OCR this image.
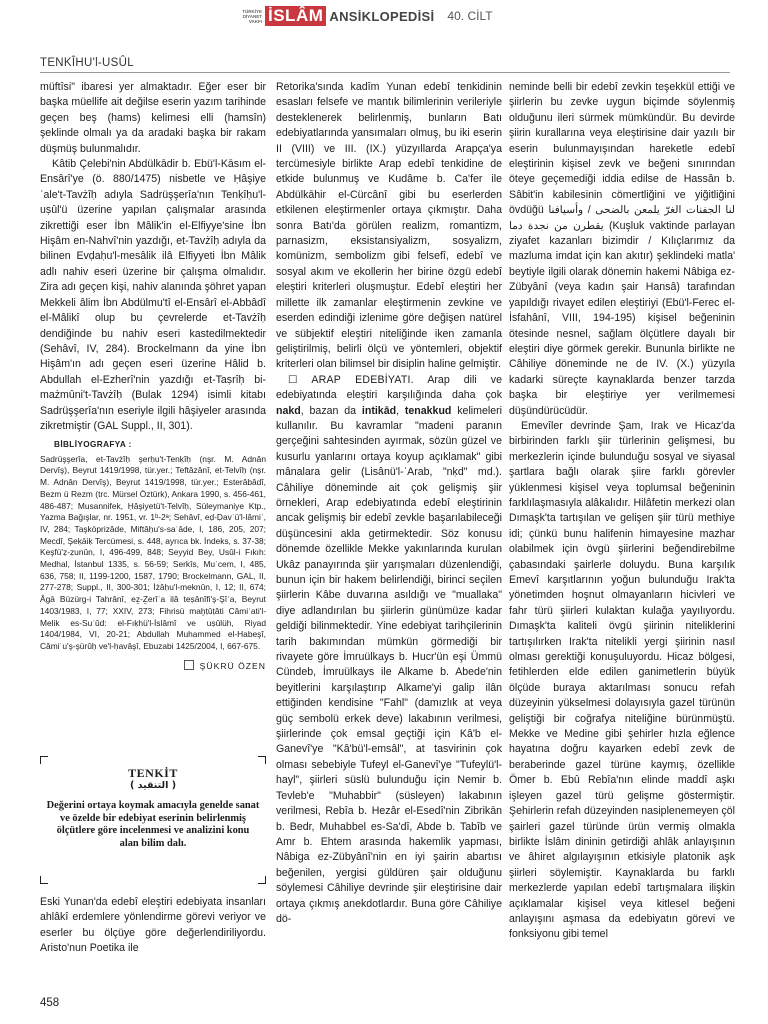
TÜRKİYE
DİYANET
VAKFI İSLÂM ANSİKLOPEDİSİ 40. CİLT
TENKÎHU'l-USÛL

müftîsi" ibaresi yer almaktadır. Eğer eser bir başka müellife ait değilse eserin yazım tarihinde geçen beş (hams) kelimesi elli (hamsîn) şeklinde olmalı ya da aradaki başka bir rakam düşmüş bulunmalıdır.

Kâtib Çelebi'nin Abdülkādir b. Ebü'l-Kāsım el-Ensârî'ye (ö. 880/1475) nisbetle ve Ḥâşiye ʿale't-Tavżîḥ adıyla Sadrüşşerîa'nın Tenḳîḥu'l-uṣûl'ü üzerine yapılan çalışmalar arasında zikrettiği eser İbn Mâlik'in el-Elfiyye'sine İbn Hişâm en-Nahvî'nin yazdığı, et-Tavżîḥ adıyla da bilinen Evḍaḥu'l-mesâlik ilâ Elfiyyeti İbn Mâlik adlı nahiv eseri üzerine bir çalışma olmalıdır. Zira adı geçen kişi, nahiv alanında şöhret yapan Mekkeli âlim İbn Abdülmu'tî el-Ensârî el-Abbâdî el-Mâlikî olup bu çevrelerde et-Tavżîḥ dendiğinde bu nahiv eseri kastedilmektedir (Sehâvî, IV, 284). Brockelmann da yine İbn Hişâm'ın adı geçen eseri üzerine Hâlid b. Abdullah el-Ezherî'nin yazdığı et-Taṣrîḥ bi-mażmûni't-Tavżîḥ (Bulak 1294) isimli kitabı Sadrüşşerîa'nın eseriyle ilgili hâşiyeler arasında zikretmiştir (GAL Suppl., II, 301).

BİBLİYOGRAFYA :
Sadrüşşerîa, et-Tavżîḥ şerḥu't-Tenḳîḥ (nşr. M. Adnân Dervîş), Beyrut 1419/1998, tür.yer.; Teftâzânî, et-Telvîḥ (nşr. M. Adnân Dervîş), Beyrut 1419/1998, tür.yer.; Esterâbâdî, Bezm ü Rezm (trc. Mürsel Öztürk), Ankara 1990, s. 456-461, 486-487; Musannifek, Ḥâşiyetü't-Telvîḥ, Süleymaniye Ktp., Yazma Bağışlar, nr. 1951, vr. 1ᵇ-2ᵃ; Sehâvî, eḍ-Ḍavʾü'l-lâmiʿ, IV, 284; Taşköprizâde, Miftâḥu's-saʿâde, I, 186, 205, 207; Mecdî, Şeḳāiḳ Tercümesi, s. 448, ayrıca bk. İndeks, s. 37-38; Keşfü'ẓ-ẓunûn, I, 496-499, 848; Seyyid Bey, Usûl-i Fıkıh: Medhal, İstanbul 1335, s. 56-59; Serkîs, Muʿcem, I, 485, 636, 758; II, 1199-1200, 1587, 1790; Brockelmann, GAL, II, 277-278; Suppl., II, 300-301; İżâḥu'l-meknûn, I, 12; II, 674; Âgā Büzürg-i Tahrânî, eẕ-Ẕerîʿa ilâ teṣânîfi'ş-Şîʿa, Beyrut 1403/1983, I, 77; XXIV, 273; Fihrisü maḫṭûṭâti Câmiʿati'l-Melik es-Suʿûd: el-Fıḳhü'l-İslâmî ve uṣûlüh, Riyad 1404/1984, VI, 20-21; Abdullah Muhammed el-Habeşî, Câmiʿu'ş-şürûḥ ve'l-ḥavâşî, Ebuzabi 1425/2004, I, 667-675.
ŞÜKRÜ ÖZEN
TENKİT
( التنقيد )
Değerini ortaya koymak amacıyla genelde sanat ve özelde bir edebiyat eserinin belirlenmiş ölçütlere göre incelenmesi ve analizini konu alan bilim dalı.
Eski Yunan'da edebî eleştiri edebiyata insanları ahlâkî erdemlere yönlendirme görevi veriyor ve eserler bu ölçüye göre değerlendiriliyordu. Aristo'nun Poetika ile

Retorika'sında kadîm Yunan edebî tenkidinin esasları felsefe ve mantık bilimlerinin verileriyle desteklenerek belirlenmiş, bunların Batı edebiyatlarında yansımaları olmuş, bu iki eserin II (VIII) ve III. (IX.) yüzyıllarda Arapça'ya tercümesiyle birlikte Arap edebî tenkidine de etkide bulunmuş ve Kudâme b. Ca'fer ile Abdülkāhir el-Cürcânî gibi bu eserlerden etkilenen eleştirmenler ortaya çıkmıştır. Daha sonra Batı'da görülen realizm, romantizm, parnasizm, eksistansiyalizm, sosyalizm, komünizm, sembolizm gibi felsefî, edebî ve sosyal akım ve ekollerin her birine özgü edebî eleştiri kriterleri oluşmuştur. Edebî eleştiri her millette ilk zamanlar eleştirmenin zevkine ve eserden edindiği izlenime göre değişen natürel ve sübjektif eleştiri niteliğinde iken zamanla geliştirilmiş, belirli ölçü ve yöntemleri, objektif kriterleri olan bilimsel bir disiplin haline gelmiştir.

☐ ARAP EDEBİYATI. Arap dili ve edebiyatında eleştiri karşılığında daha çok nakd, bazan da intikād, tenakkud kelimeleri kullanılır. Bu kavramlar "madeni paranın gerçeğini sahtesinden ayırmak, sözün güzel ve kusurlu yanlarını ortaya koyup açıklamak" gibi mânalara gelir (Lisânü'l-ʿArab, "nḳd" md.). Câhiliye döneminde ait çok gelişmiş şiir örnekleri, Arap edebiyatında edebî eleştirinin ancak gelişmiş bir edebî zevkle başarılabileceği düşüncesini akla getirmektedir. Söz konusu dönemde özellikle Mekke yakınlarında kurulan Ukâz panayırında şiir yarışmaları düzenlendiği, bunun için bir hakem belirlendiği, birinci seçilen şiirlerin Kâbe duvarına asıldığı ve "muallaka" diye adlandırılan bu şiirlerin günümüze kadar geldiği bilinmektedir. Yine edebiyat tarihçilerinin tarih bakımından mümkün görmediği bir rivayete göre İmruülkays b. Hucr'ün eşi Ümmü Cündeb, İmruülkays ile Alkame b. Abede'nin beyitlerini karşılaştırıp Alkame'yi galip ilân ettiğinden kendisine "Fahl" (damızlık at veya güç sembolü erkek deve) lakabının verilmesi, şiirlerinde çok emsal geçtiği için Kâ'b el-Ganevî'ye "Kâ'bü'l-emsâl", at tasvirinin çok olması sebebiyle Tufeyl el-Ganevî'ye "Tufeylü'l-hayl", şiirleri süslü bulunduğu için Nemir b. Tevleb'e "Muhabbir" (süsleyen) lakabının verilmesi, Rebîa b. Hezâr el-Esedî'nin Zibrikān b. Bedr, Muhabbel es-Sa'dî, Abde b. Tabîb ve Amr b. Ehtem arasında hakemlik yapması, Nâbiga ez-Zübyânî'nin en iyi şairin abartısı beğenilen, yergisi güldüren şair olduğunu söylemesi Câhiliye devrinde şiir eleştirisine dair ortaya çıkmış anekdotlardır. Buna göre Câhiliye dö-

neminde belli bir edebî zevkin teşekkül ettiği ve şiirlerin bu zevke uygun biçimde söylenmiş olduğunu ileri sürmek mümkündür. Bu devirde şiirin kurallarına veya eleştirisine dair yazılı bir eserin bulunmayışından hareketle edebî eleştirinin kişisel zevk ve beğeni sınırından öteye geçemediği iddia edilse de Hassân b. Sâbit'in kabilesinin cömertliğini ve yiğitliğini övdüğü لنا الجفنات الغرّ يلمعن بالضحى / وأسيافنا يقطرن من نجدة دما (Kuşluk vaktinde parlayan ziyafet kazanları bizimdir / Kılıçlarımız da mazluma imdat için kan akıtır) şeklindeki matla' beytiyle ilgili olarak dönemin hakemi Nâbiga ez-Zübyânî (veya kadın şair Hansâ) tarafından yapıldığı rivayet edilen eleştiriyi (Ebü'l-Ferec el-İsfahânî, VIII, 194-195) kişisel beğeninin ötesinde nesnel, sağlam ölçütlere dayalı bir eleştiri diye görmek gerekir. Bununla birlikte ne Câhiliye döneminde ne de IV. (X.) yüzyıla kadarki süreçte kaynaklarda benzer tarzda başka bir eleştiriye yer verilmemesi düşündürücüdür.

Emevîler devrinde Şam, Irak ve Hicaz'da birbirinden farklı şiir türlerinin gelişmesi, bu merkezlerin içinde bulunduğu sosyal ve siyasal şartlara bağlı olarak şiire farklı görevler yüklenmesi kişisel veya toplumsal beğeninin farklılaşmasıyla alâkalıdır. Hilâfetin merkezi olan Dımaşk'ta tartışılan ve gelişen şiir türü methiye idi; çünkü bunu halifenin himayesine mazhar olabilmek için övgü şiirlerini beğendirebilme çabasındaki şairlerle doluydu. Buna karşılık Emevî karşıtlarının yoğun bulunduğu Irak'ta yönetimden hoşnut olmayanların hicivleri ve fahr türü şiirleri kulaktan kulağa yayılıyordu. Dımaşk'ta kaliteli övgü şiirinin niteliklerini tartışılırken Irak'ta nitelikli yergi şiirinin nasıl olması gerektiği konuşuluyordu. Hicaz bölgesi, fetihlerden elde edilen ganimetlerin büyük ölçüde buraya aktarılması sonucu refah düzeyinin yükselmesi dolayısıyla gazel türünün geliştiği bir coğrafya niteliğine bürünmüştü. Mekke ve Medine gibi şehirler hızla eğlence hayatına doğru kayarken edebî zevk de beraberinde gazel türüne kaymış, özellikle Ömer b. Ebû Rebîa'nın elinde maddî aşkı işleyen gazel türü gelişme göstermiştir. Şehirlerin refah düzeyinden nasiplenemeyen çöl şairleri gazel türünde ürün vermiş olmakla birlikte İslâm dininin getirdiği ahlâk anlayışının ve âhiret algılayışının etkisiyle platonik aşk şiirleri söylemiştir. Kaynaklarda bu farklı merkezlerde yapılan edebî tartışmalara ilişkin açıklamalar kişisel veya kitlesel beğeni anlayışını aşmasa da edebiyatın görevi ve fonksiyonu gibi temel

458
